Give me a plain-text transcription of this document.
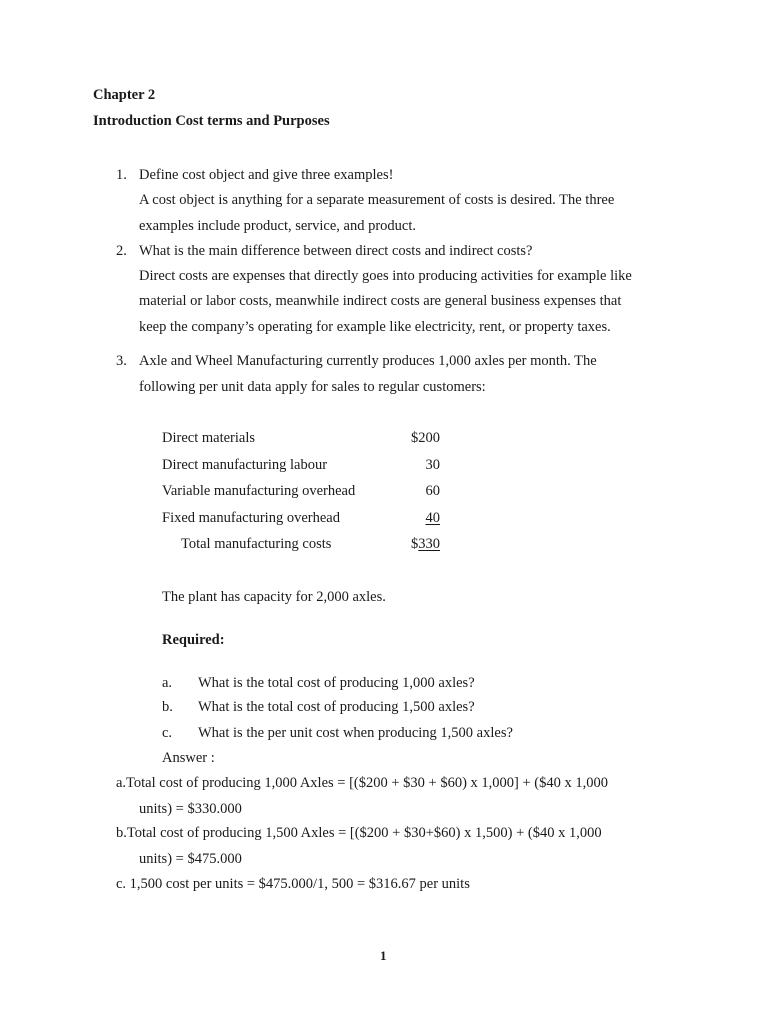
Chapter 2
Introduction Cost terms and Purposes
1. Define cost object and give three examples!
A cost object is anything for a separate measurement of costs is desired. The three
examples include product, service, and product.
2. What is the main difference between direct costs and indirect costs?
Direct costs are expenses that directly goes into producing activities for example like
material or labor costs, meanwhile indirect costs are general business expenses that
keep the company’s operating for example like electricity, rent, or property taxes.
3. Axle and Wheel Manufacturing currently produces 1,000 axles per month. The
following per unit data apply for sales to regular customers:
Direct materials	$200
Direct manufacturing labour	30
Variable manufacturing overhead	60
Fixed manufacturing overhead	40
Total manufacturing costs	$330
The plant has capacity for 2,000 axles.
Required:
a. What is the total cost of producing 1,000 axles?
b. What is the total cost of producing 1,500 axles?
c. What is the per unit cost when producing 1,500 axles?
Answer :
a.Total cost of producing 1,000 Axles = [($200 + $30 + $60) x 1,000] + ($40 x 1,000
units) = $330.000
b.Total cost of producing 1,500 Axles = [($200 + $30+$60) x 1,500) + ($40 x 1,000
units) = $475.000
c. 1,500 cost per units = $475.000/1, 500 = $316.67 per units
1
